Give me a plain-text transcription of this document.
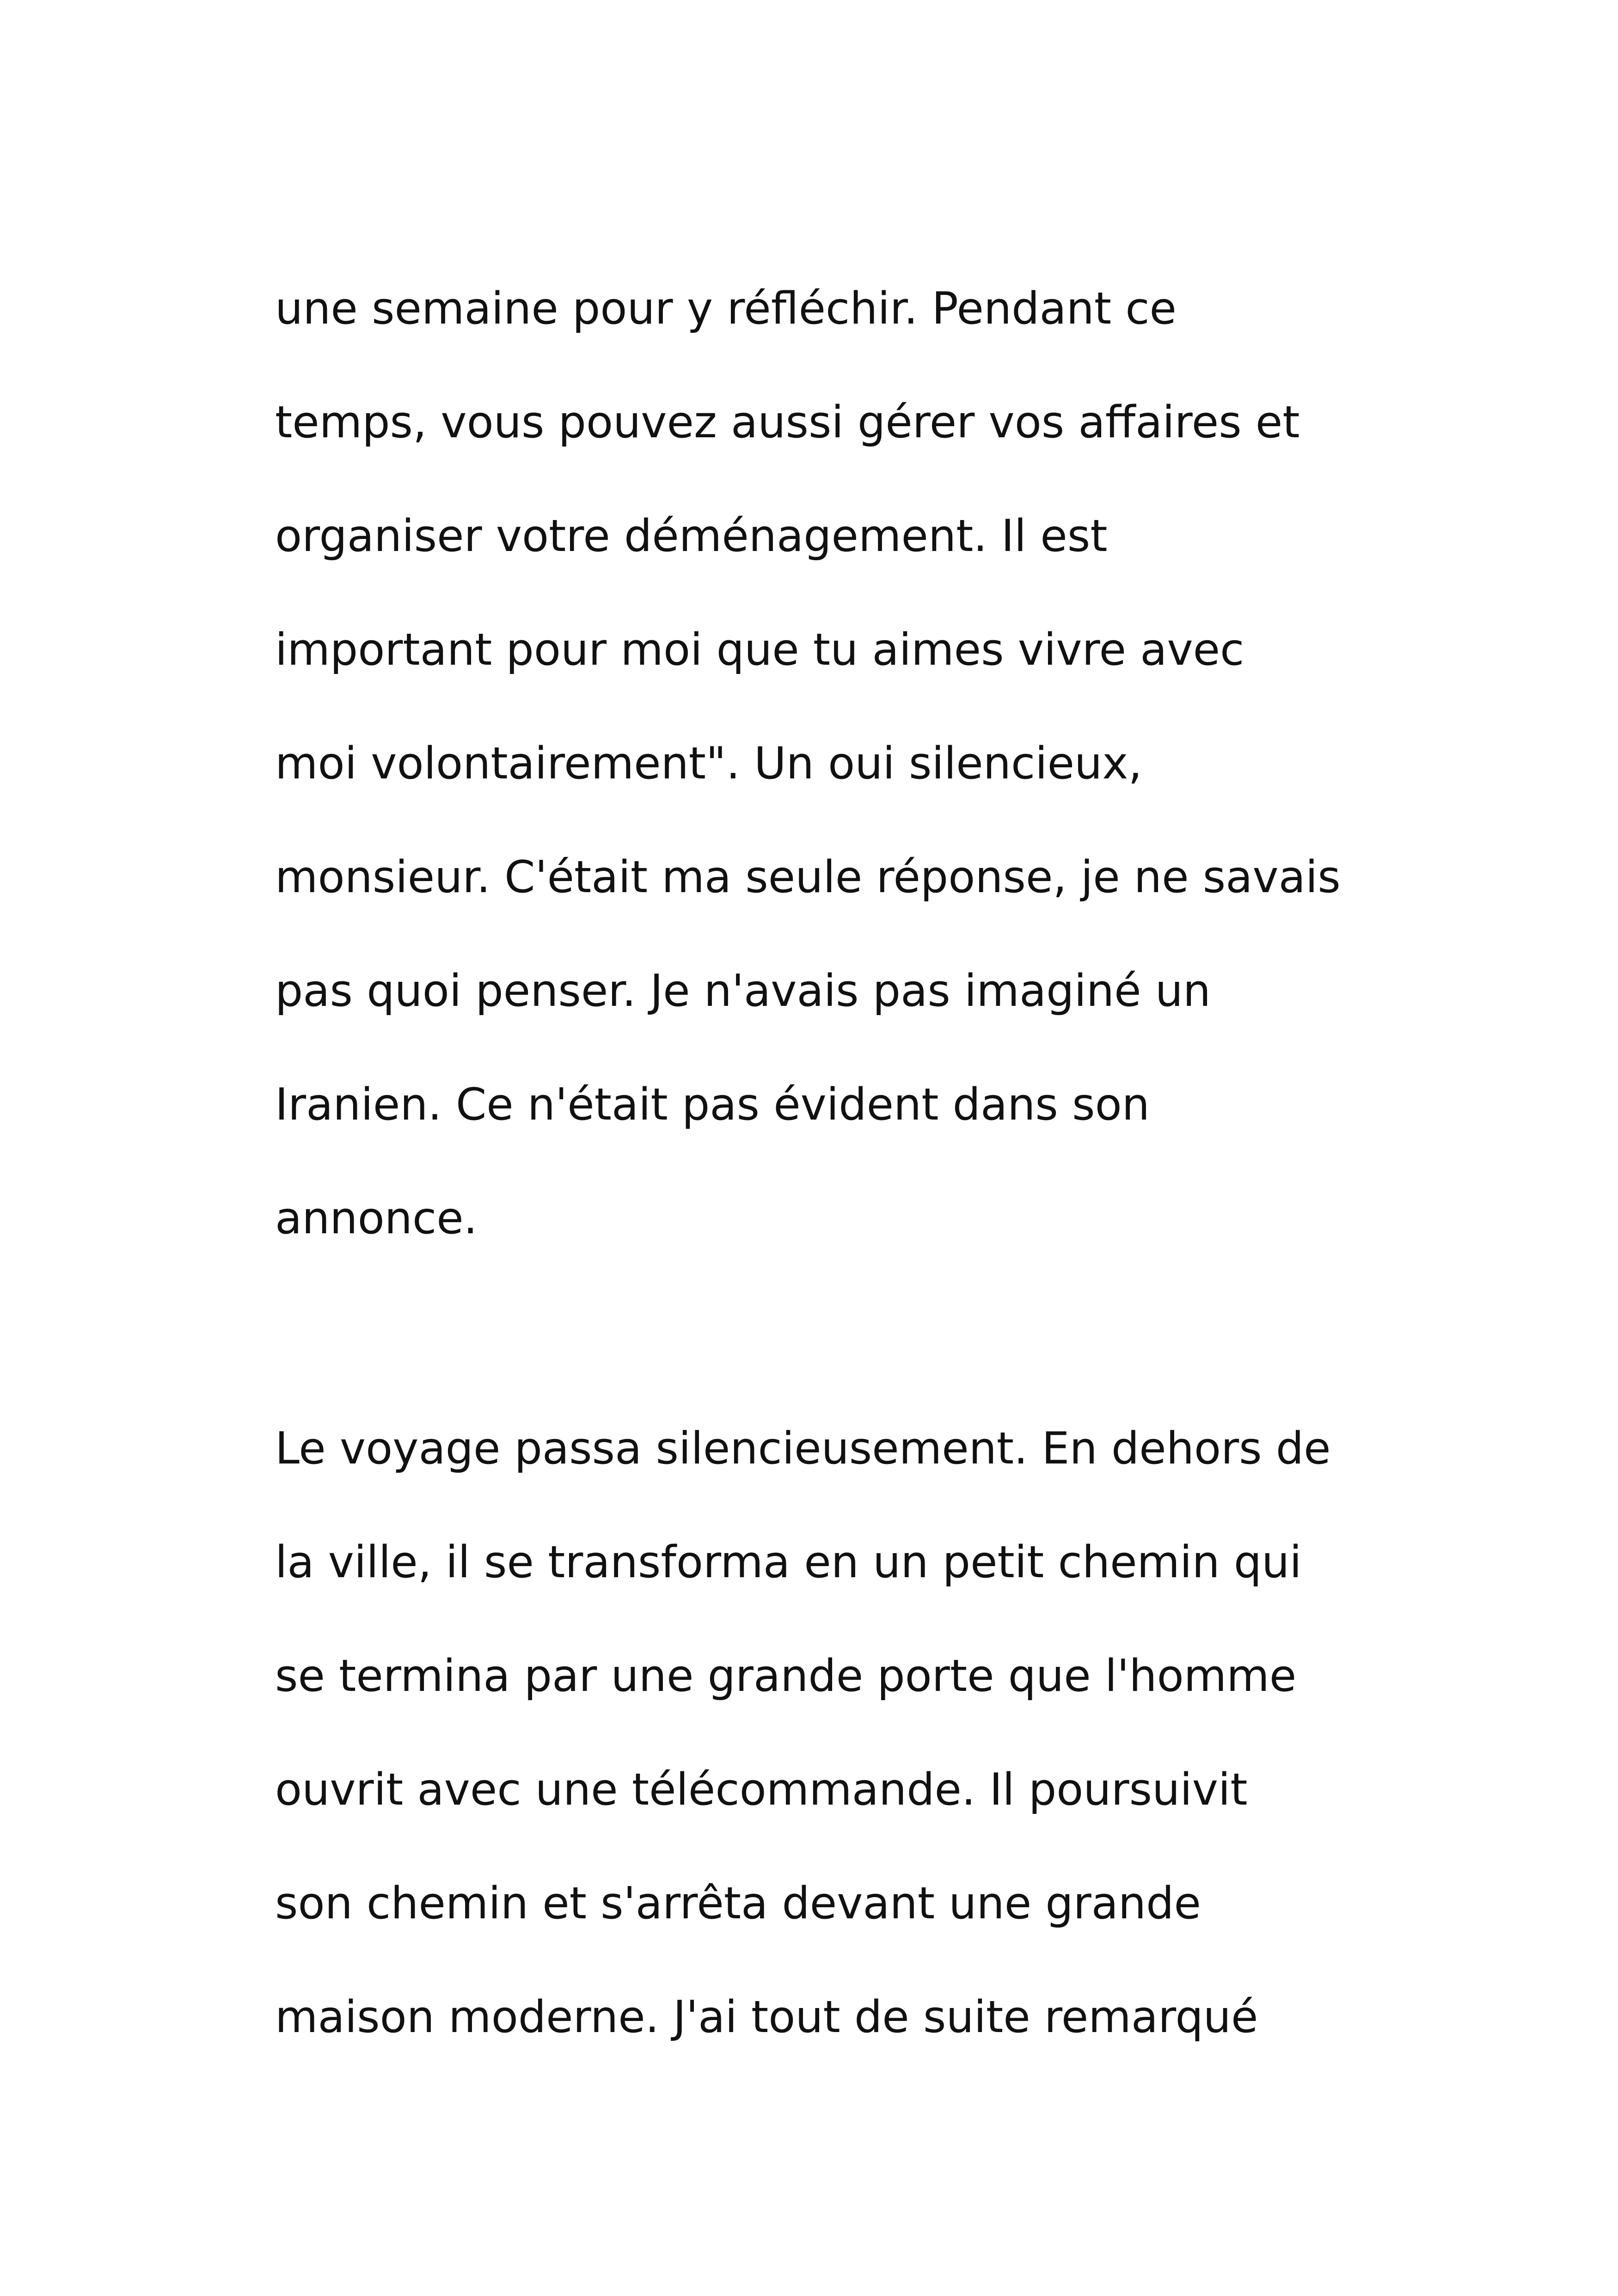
une semaine pour y réfléchir. Pendant ce
temps, vous pouvez aussi gérer vos affaires et
organiser votre déménagement. Il est
important pour moi que tu aimes vivre avec
moi volontairement". Un oui silencieux,
monsieur. C'était ma seule réponse, je ne savais
pas quoi penser. Je n'avais pas imaginé un
Iranien. Ce n'était pas évident dans son
annonce.

Le voyage passa silencieusement. En dehors de
la ville, il se transforma en un petit chemin qui
se termina par une grande porte que l'homme
ouvrit avec une télécommande. Il poursuivit
son chemin et s'arrêta devant une grande
maison moderne. J'ai tout de suite remarqué
